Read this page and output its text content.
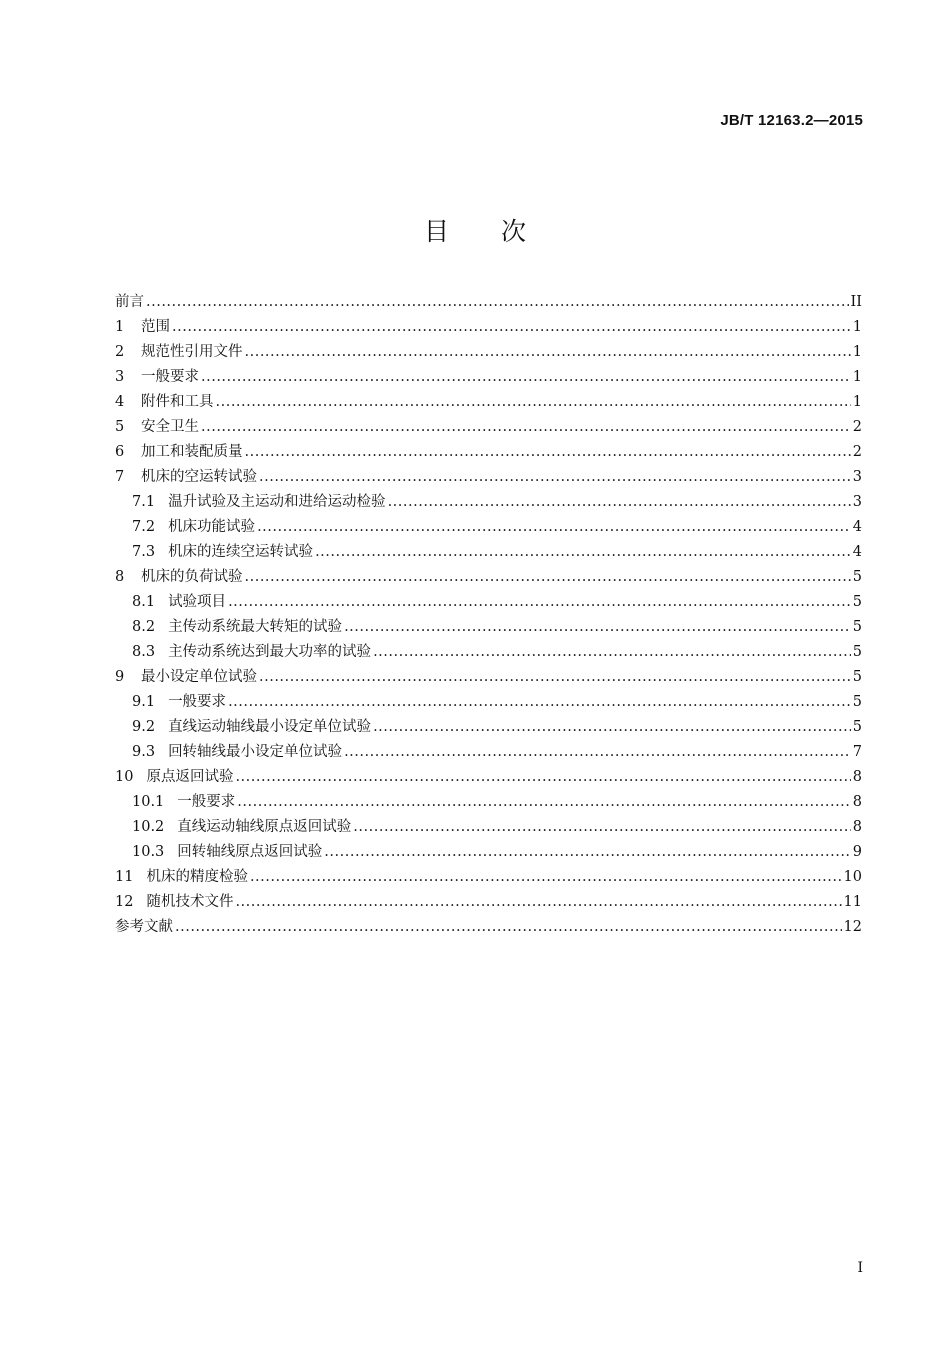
JB/T 12163.2—2015
目次
前言 .....	II
1	范围 .....	1
2	规范性引用文件 .....	1
3	一般要求 .....	1
4	附件和工具 .....	1
5	安全卫生 .....	2
6	加工和装配质量 .....	2
7	机床的空运转试验 .....	3
7.1 温升试验及主运动和进给运动检验 .....	3
7.2 机床功能试验 .....	4
7.3 机床的连续空运转试验 .....	4
8	机床的负荷试验 .....	5
8.1 试验项目 .....	5
8.2 主传动系统最大转矩的试验 .....	5
8.3 主传动系统达到最大功率的试验 .....	5
9	最小设定单位试验 .....	5
9.1 一般要求 .....	5
9.2 直线运动轴线最小设定单位试验 .....	5
9.3 回转轴线最小设定单位试验 .....	7
10 原点返回试验 .....	8
10.1 一般要求 .....	8
10.2 直线运动轴线原点返回试验 .....	8
10.3 回转轴线原点返回试验 .....	9
11 机床的精度检验 .....	10
12 随机技术文件 .....	11
参考文献 .....	12
I
